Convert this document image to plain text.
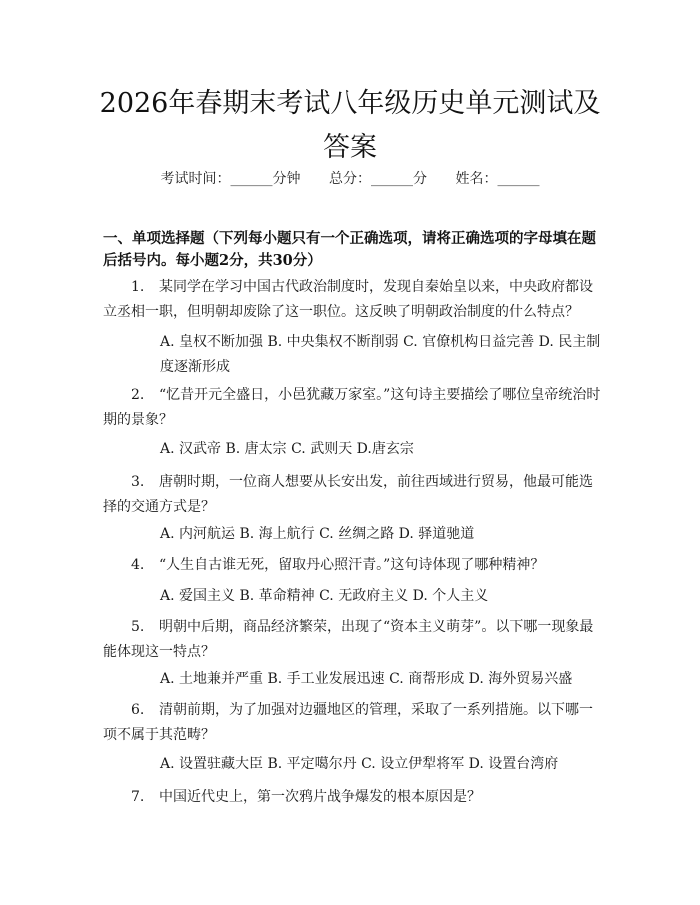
2026年春期末考试八年级历史单元测试及答案
考试时间：______分钟 总分：______分 姓名：______
一、单项选择题（下列每小题只有一个正确选项，请将正确选项的字母填在题后括号内。每小题2分，共30分）

1. 某同学在学习中国古代政治制度时，发现自秦始皇以来，中央政府都设立丞相一职，但明朝却废除了这一职位。这反映了明朝政治制度的什么特点？

A. 皇权不断加强 B. 中央集权不断削弱 C. 官僚机构日益完善 D. 民主制度逐渐形成

2. “忆昔开元全盛日，小邑犹藏万家室。”这句诗主要描绘了哪位皇帝统治时期的景象？

A. 汉武帝 B. 唐太宗 C. 武则天 D.唐玄宗

3. 唐朝时期，一位商人想要从长安出发，前往西域进行贸易，他最可能选择的交通方式是？

A. 内河航运 B. 海上航行 C. 丝绸之路 D. 驿道驰道

4. “人生自古谁无死，留取丹心照汗青。”这句诗体现了哪种精神？

A. 爱国主义 B. 革命精神 C. 无政府主义 D. 个人主义

5. 明朝中后期，商品经济繁荣，出现了“资本主义萌芽”。以下哪一现象最能体现这一特点？

A. 土地兼并严重 B. 手工业发展迅速 C. 商帮形成 D. 海外贸易兴盛

6. 清朝前期，为了加强对边疆地区的管理，采取了一系列措施。以下哪一项不属于其范畴？

A. 设置驻藏大臣 B. 平定噶尔丹 C. 设立伊犁将军 D. 设置台湾府

7. 中国近代史上，第一次鸦片战争爆发的根本原因是？
